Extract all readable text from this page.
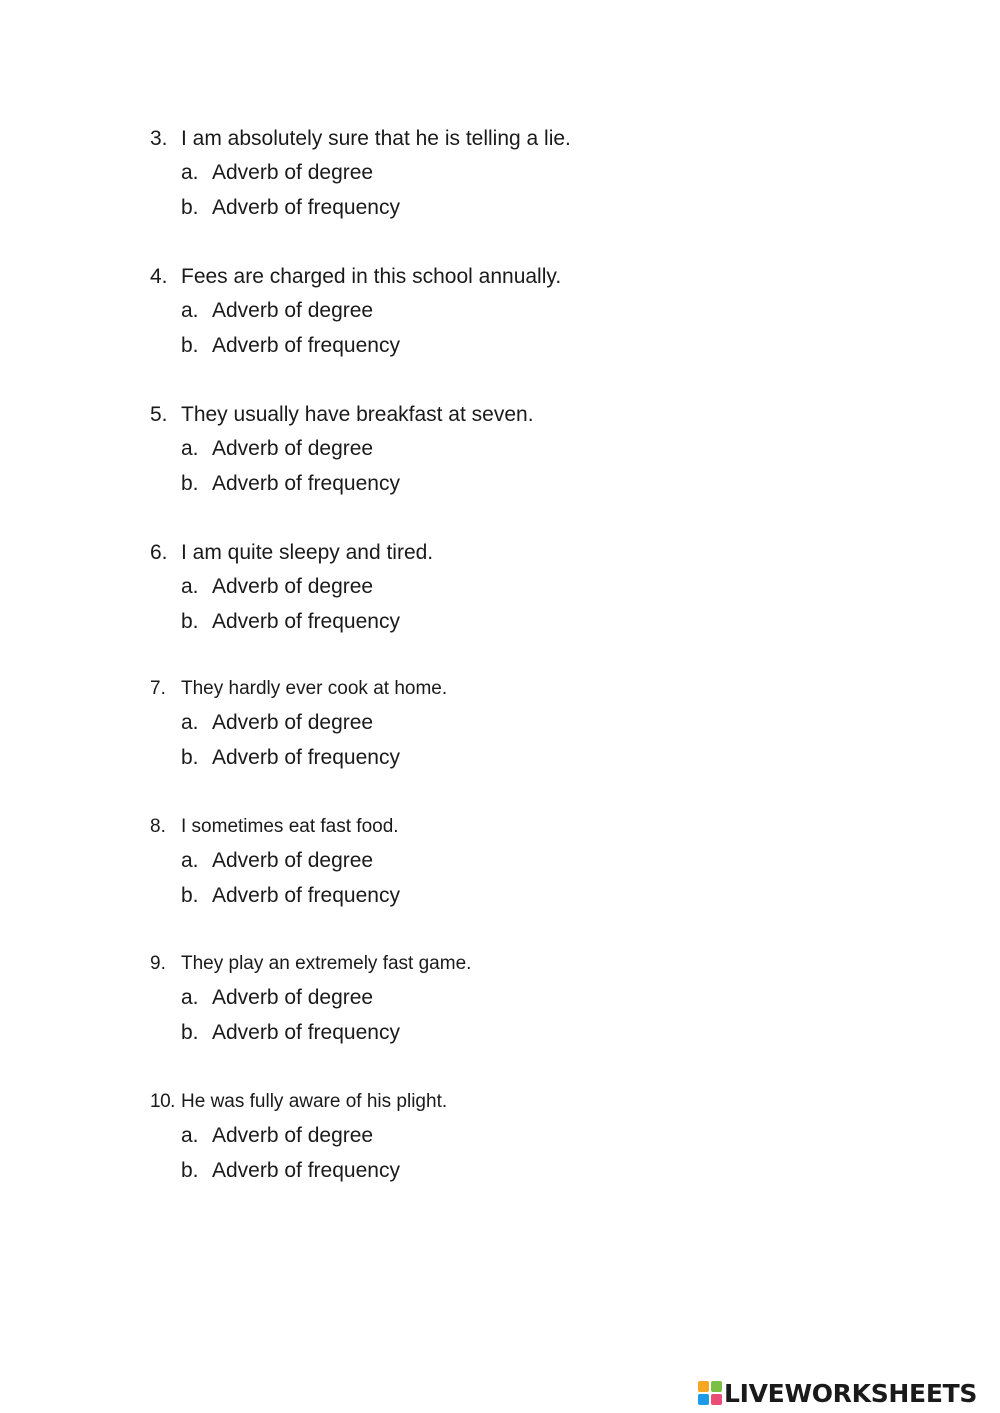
3. I am absolutely sure that he is telling a lie.
a. Adverb of degree
b. Adverb of frequency
4. Fees are charged in this school annually.
a. Adverb of degree
b. Adverb of frequency
5. They usually have breakfast at seven.
a. Adverb of degree
b. Adverb of frequency
6. I am quite sleepy and tired.
a. Adverb of degree
b. Adverb of frequency
7. They hardly ever cook at home.
a. Adverb of degree
b. Adverb of frequency
8. I sometimes eat fast food.
a. Adverb of degree
b. Adverb of frequency
9. They play an extremely fast game.
a. Adverb of degree
b. Adverb of frequency
10. He was fully aware of his plight.
a. Adverb of degree
b. Adverb of frequency
LIVEWORKSHEETS
